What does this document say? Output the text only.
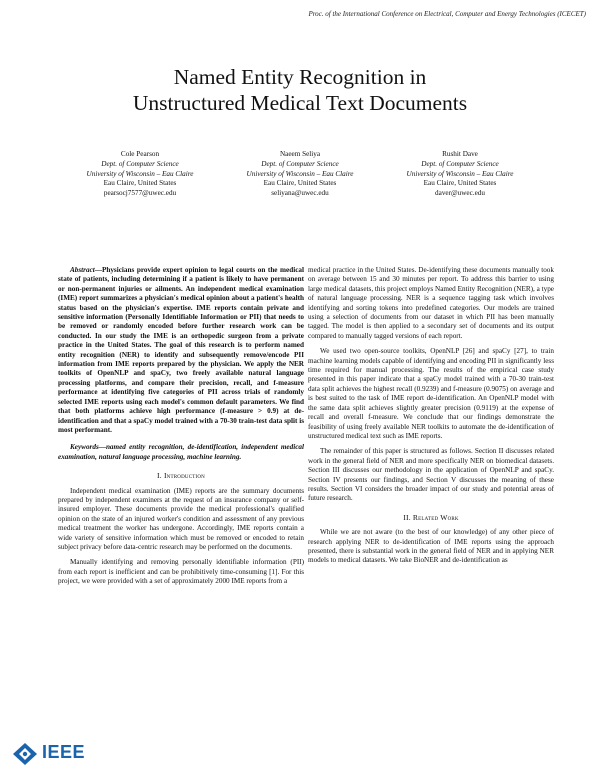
Proc. of the International Conference on Electrical, Computer and Energy Technologies (ICECET)
Named Entity Recognition in
Unstructured Medical Text Documents
Cole Pearson
Dept. of Computer Science
University of Wisconsin – Eau Claire
Eau Claire, United States
pearsocj7577@uwec.edu
Naeem Seliya
Dept. of Computer Science
University of Wisconsin – Eau Claire
Eau Claire, United States
seliyana@uwec.edu
Rushit Dave
Dept. of Computer Science
University of Wisconsin – Eau Claire
Eau Claire, United States
daver@uwec.edu

Abstract—Physicians provide expert opinion to legal courts on the medical state of patients, including determining if a patient is likely to have permanent or non-permanent injuries or ailments. An independent medical examination (IME) report summarizes a physician's medical opinion about a patient's health status based on the physician's expertise. IME reports contain private and sensitive information (Personally Identifiable Information or PII) that needs to be removed or randomly encoded before further research work can be conducted. In our study the IME is an orthopedic surgeon from a private practice in the United States. The goal of this research is to perform named entity recognition (NER) to identify and subsequently remove/encode PII information from IME reports prepared by the physician. We apply the NER toolkits of OpenNLP and spaCy, two freely available natural language processing platforms, and compare their precision, recall, and f-measure performance at identifying five categories of PII across trials of randomly selected IME reports using each model's common default parameters. We find that both platforms achieve high performance (f-measure > 0.9) at de-identification and that a spaCy model trained with a 70-30 train-test data split is most performant.

Keywords—named entity recognition, de-identification, independent medical examination, natural language processing, machine learning.

I. Introduction

Independent medical examination (IME) reports are the summary documents prepared by independent examiners at the request of an insurance company or self-insured employer. These documents provide the medical professional's qualified opinion on the state of an injured worker's condition and assessment of any previous medical treatment the worker has undergone. Accordingly, IME reports contain a wide variety of sensitive information which must be removed or encoded to retain subject privacy before data-centric research may be performed on the documents.

Manually identifying and removing personally identifiable information (PII) from each report is inefficient and can be prohibitively time-consuming [1]. For this project, we were provided with a set of approximately 2000 IME reports from a

medical practice in the United States. De-identifying these documents manually took on average between 15 and 30 minutes per report. To address this barrier to using large medical datasets, this project employs Named Entity Recognition (NER), a type of natural language processing. NER is a sequence tagging task which involves identifying and sorting tokens into predefined categories. Our models are trained using a selection of documents from our dataset in which PII has been manually tagged. The model is then applied to a secondary set of documents and its output compared to manually tagged versions of each report.

We used two open-source toolkits, OpenNLP [26] and spaCy [27], to train machine learning models capable of identifying and encoding PII in significantly less time required for manual processing. The results of the empirical case study presented in this paper indicate that a spaCy model trained with a 70-30 train-test data split achieves the highest recall (0.9239) and f-measure (0.9075) on average and is best suited to the task of IME report de-identification. An OpenNLP model with the same data split achieves slightly greater precision (0.9119) at the expense of recall and overall f-measure. We conclude that our findings demonstrate the feasibility of using freely available NER toolkits to automate the de-identification of unstructured medical text such as IME reports.

The remainder of this paper is structured as follows. Section II discusses related work in the general field of NER and more specifically NER on biomedical datasets. Section III discusses our methodology in the application of OpenNLP and spaCy. Section IV presents our findings, and Section V discusses the meaning of these results. Section VI considers the broader impact of our study and potential areas of future research.

II. Related Work

While we are not aware (to the best of our knowledge) of any other piece of research applying NER to de-identification of IME reports using the approach presented, there is substantial work in the general field of NER and in applying NER models to medical datasets. We take BioNER and de-identification as

IEEE
